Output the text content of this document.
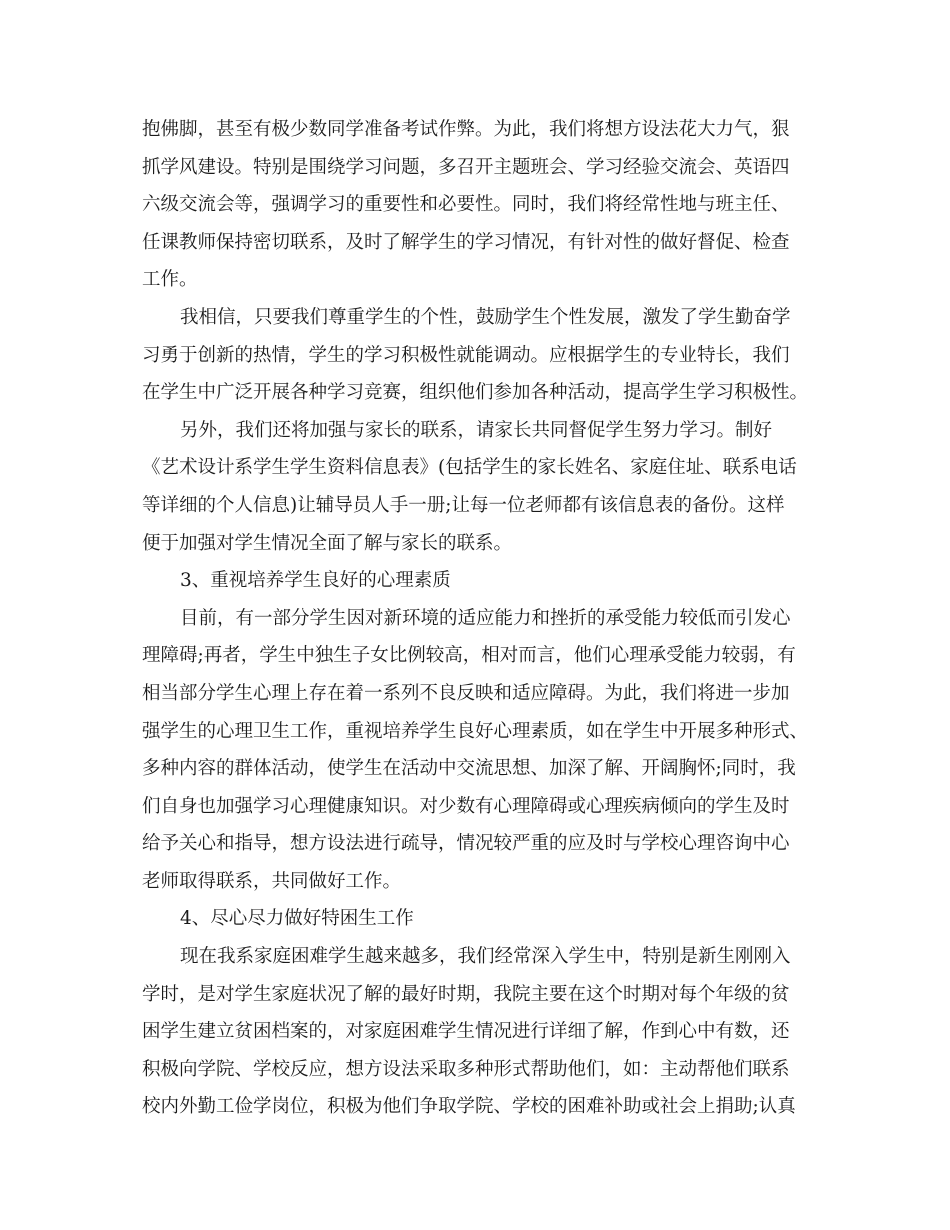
抱佛脚，甚至有极少数同学准备考试作弊。为此，我们将想方设法花大力气，狠
抓学风建设。特别是围绕学习问题，多召开主题班会、学习经验交流会、英语四
六级交流会等，强调学习的重要性和必要性。同时，我们将经常性地与班主任、
任课教师保持密切联系，及时了解学生的学习情况，有针对性的做好督促、检查
工作。
我相信，只要我们尊重学生的个性，鼓励学生个性发展，激发了学生勤奋学
习勇于创新的热情，学生的学习积极性就能调动。应根据学生的专业特长，我们
在学生中广泛开展各种学习竞赛，组织他们参加各种活动，提高学生学习积极性。
另外，我们还将加强与家长的联系，请家长共同督促学生努力学习。制好
《艺术设计系学生学生资料信息表》(包括学生的家长姓名、家庭住址、联系电话
等详细的个人信息)让辅导员人手一册;让每一位老师都有该信息表的备份。这样
便于加强对学生情况全面了解与家长的联系。
3、重视培养学生良好的心理素质
目前，有一部分学生因对新环境的适应能力和挫折的承受能力较低而引发心
理障碍;再者，学生中独生子女比例较高，相对而言，他们心理承受能力较弱，有
相当部分学生心理上存在着一系列不良反映和适应障碍。为此，我们将进一步加
强学生的心理卫生工作，重视培养学生良好心理素质，如在学生中开展多种形式、
多种内容的群体活动，使学生在活动中交流思想、加深了解、开阔胸怀;同时，我
们自身也加强学习心理健康知识。对少数有心理障碍或心理疾病倾向的学生及时
给予关心和指导，想方设法进行疏导，情况较严重的应及时与学校心理咨询中心
老师取得联系，共同做好工作。
4、尽心尽力做好特困生工作
现在我系家庭困难学生越来越多，我们经常深入学生中，特别是新生刚刚入
学时，是对学生家庭状况了解的最好时期，我院主要在这个时期对每个年级的贫
困学生建立贫困档案的，对家庭困难学生情况进行详细了解，作到心中有数，还
积极向学院、学校反应，想方设法采取多种形式帮助他们，如：主动帮他们联系
校内外勤工俭学岗位，积极为他们争取学院、学校的困难补助或社会上捐助;认真
